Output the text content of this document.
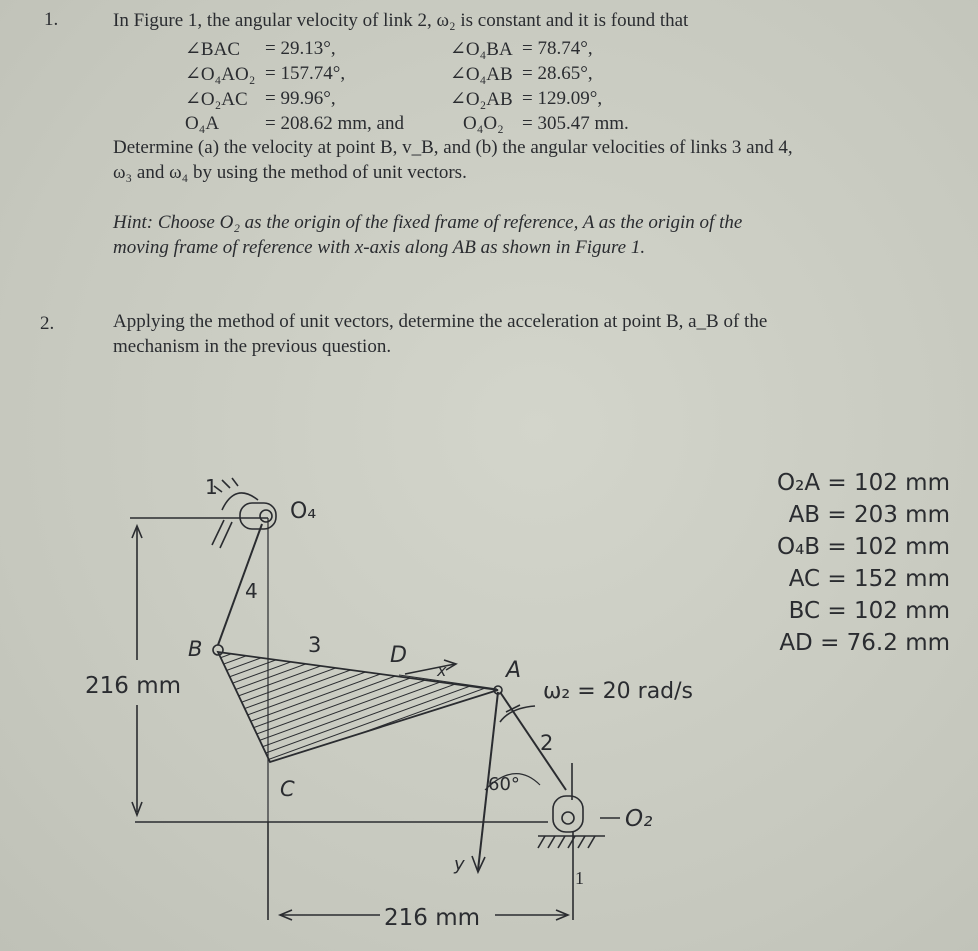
1.	In Figure 1, the angular velocity of link 2, ω₂ is constant and it is found that
∠BAC = 29.13°,	∠O₄BA = 78.74°,
∠O₄AO₂ = 157.74°,	∠O₄AB = 28.65°,
∠O₂AC = 99.96°,	∠O₂AB = 129.09°,
O₄A = 208.62 mm, and	O₄O₂ = 305.47 mm.
Determine (a) the velocity at point B, v_B, and (b) the angular velocities of links 3 and 4,
ω₃ and ω₄ by using the method of unit vectors.
Hint: Choose O₂ as the origin of the fixed frame of reference, A as the origin of the
moving frame of reference with x-axis along AB as shown in Figure 1.
2.	Applying the method of unit vectors, determine the acceleration at point B, a_B of the
mechanism in the previous question.
1
1
O₄
4
3
2
B
C
D
A
x
y
O₂
60°
ω₂ = 20 rad/s
216 mm
216 mm
O₂A = 102 mm
AB = 203 mm
O₄B = 102 mm
AC = 152 mm
BC = 102 mm
AD = 76.2 mm
